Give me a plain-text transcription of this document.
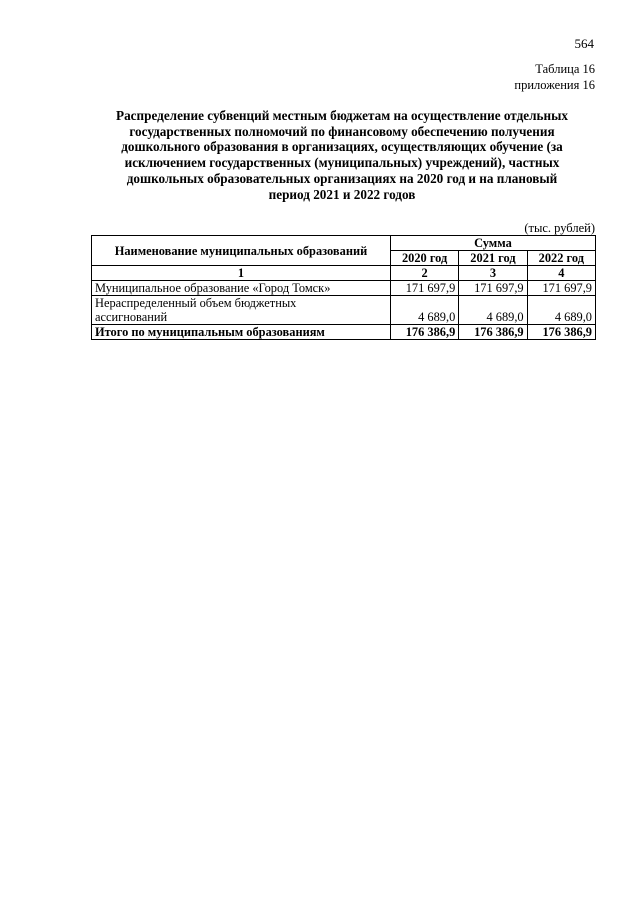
564
Таблица 16
приложения 16
Распределение субвенций местным бюджетам на осуществление отдельных
государственных полномочий по финансовому обеспечению получения
дошкольного образования в организациях, осуществляющих обучение (за
исключением государственных (муниципальных) учреждений), частных
дошкольных образовательных организациях на 2020 год и на плановый
период 2021 и 2022 годов
(тыс. рублей)
Наименование муниципальных образований	Сумма		
	2020 год	2021 год	2022 год
1	2	3	4
Муниципальное образование «Город Томск»	171 697,9	171 697,9	171 697,9

Нераспределенный объем бюджетных
ассигнований	4 689,0	4 689,0	4 689,0
Итого по муниципальным образованиям	176 386,9	176 386,9	176 386,9
